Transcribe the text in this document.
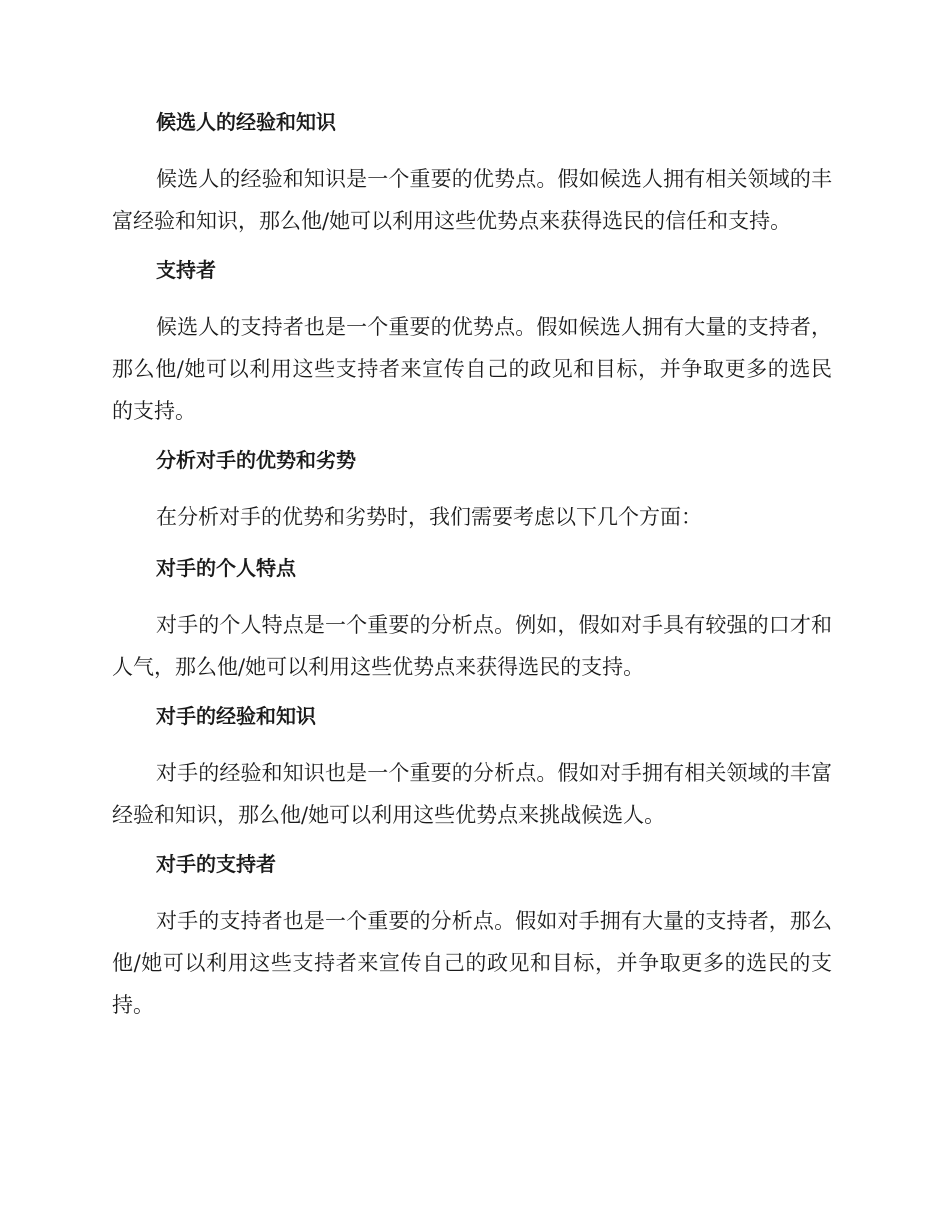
候选人的经验和知识

候选人的经验和知识是一个重要的优势点。假如候选人拥有相关领域的丰富经验和知识，那么他/她可以利用这些优势点来获得选民的信任和支持。

支持者

候选人的支持者也是一个重要的优势点。假如候选人拥有大量的支持者，那么他/她可以利用这些支持者来宣传自己的政见和目标，并争取更多的选民的支持。

分析对手的优势和劣势

在分析对手的优势和劣势时，我们需要考虑以下几个方面：

对手的个人特点

对手的个人特点是一个重要的分析点。例如，假如对手具有较强的口才和人气，那么他/她可以利用这些优势点来获得选民的支持。

对手的经验和知识

对手的经验和知识也是一个重要的分析点。假如对手拥有相关领域的丰富经验和知识，那么他/她可以利用这些优势点来挑战候选人。

对手的支持者

对手的支持者也是一个重要的分析点。假如对手拥有大量的支持者，那么他/她可以利用这些支持者来宣传自己的政见和目标，并争取更多的选民的支持。
